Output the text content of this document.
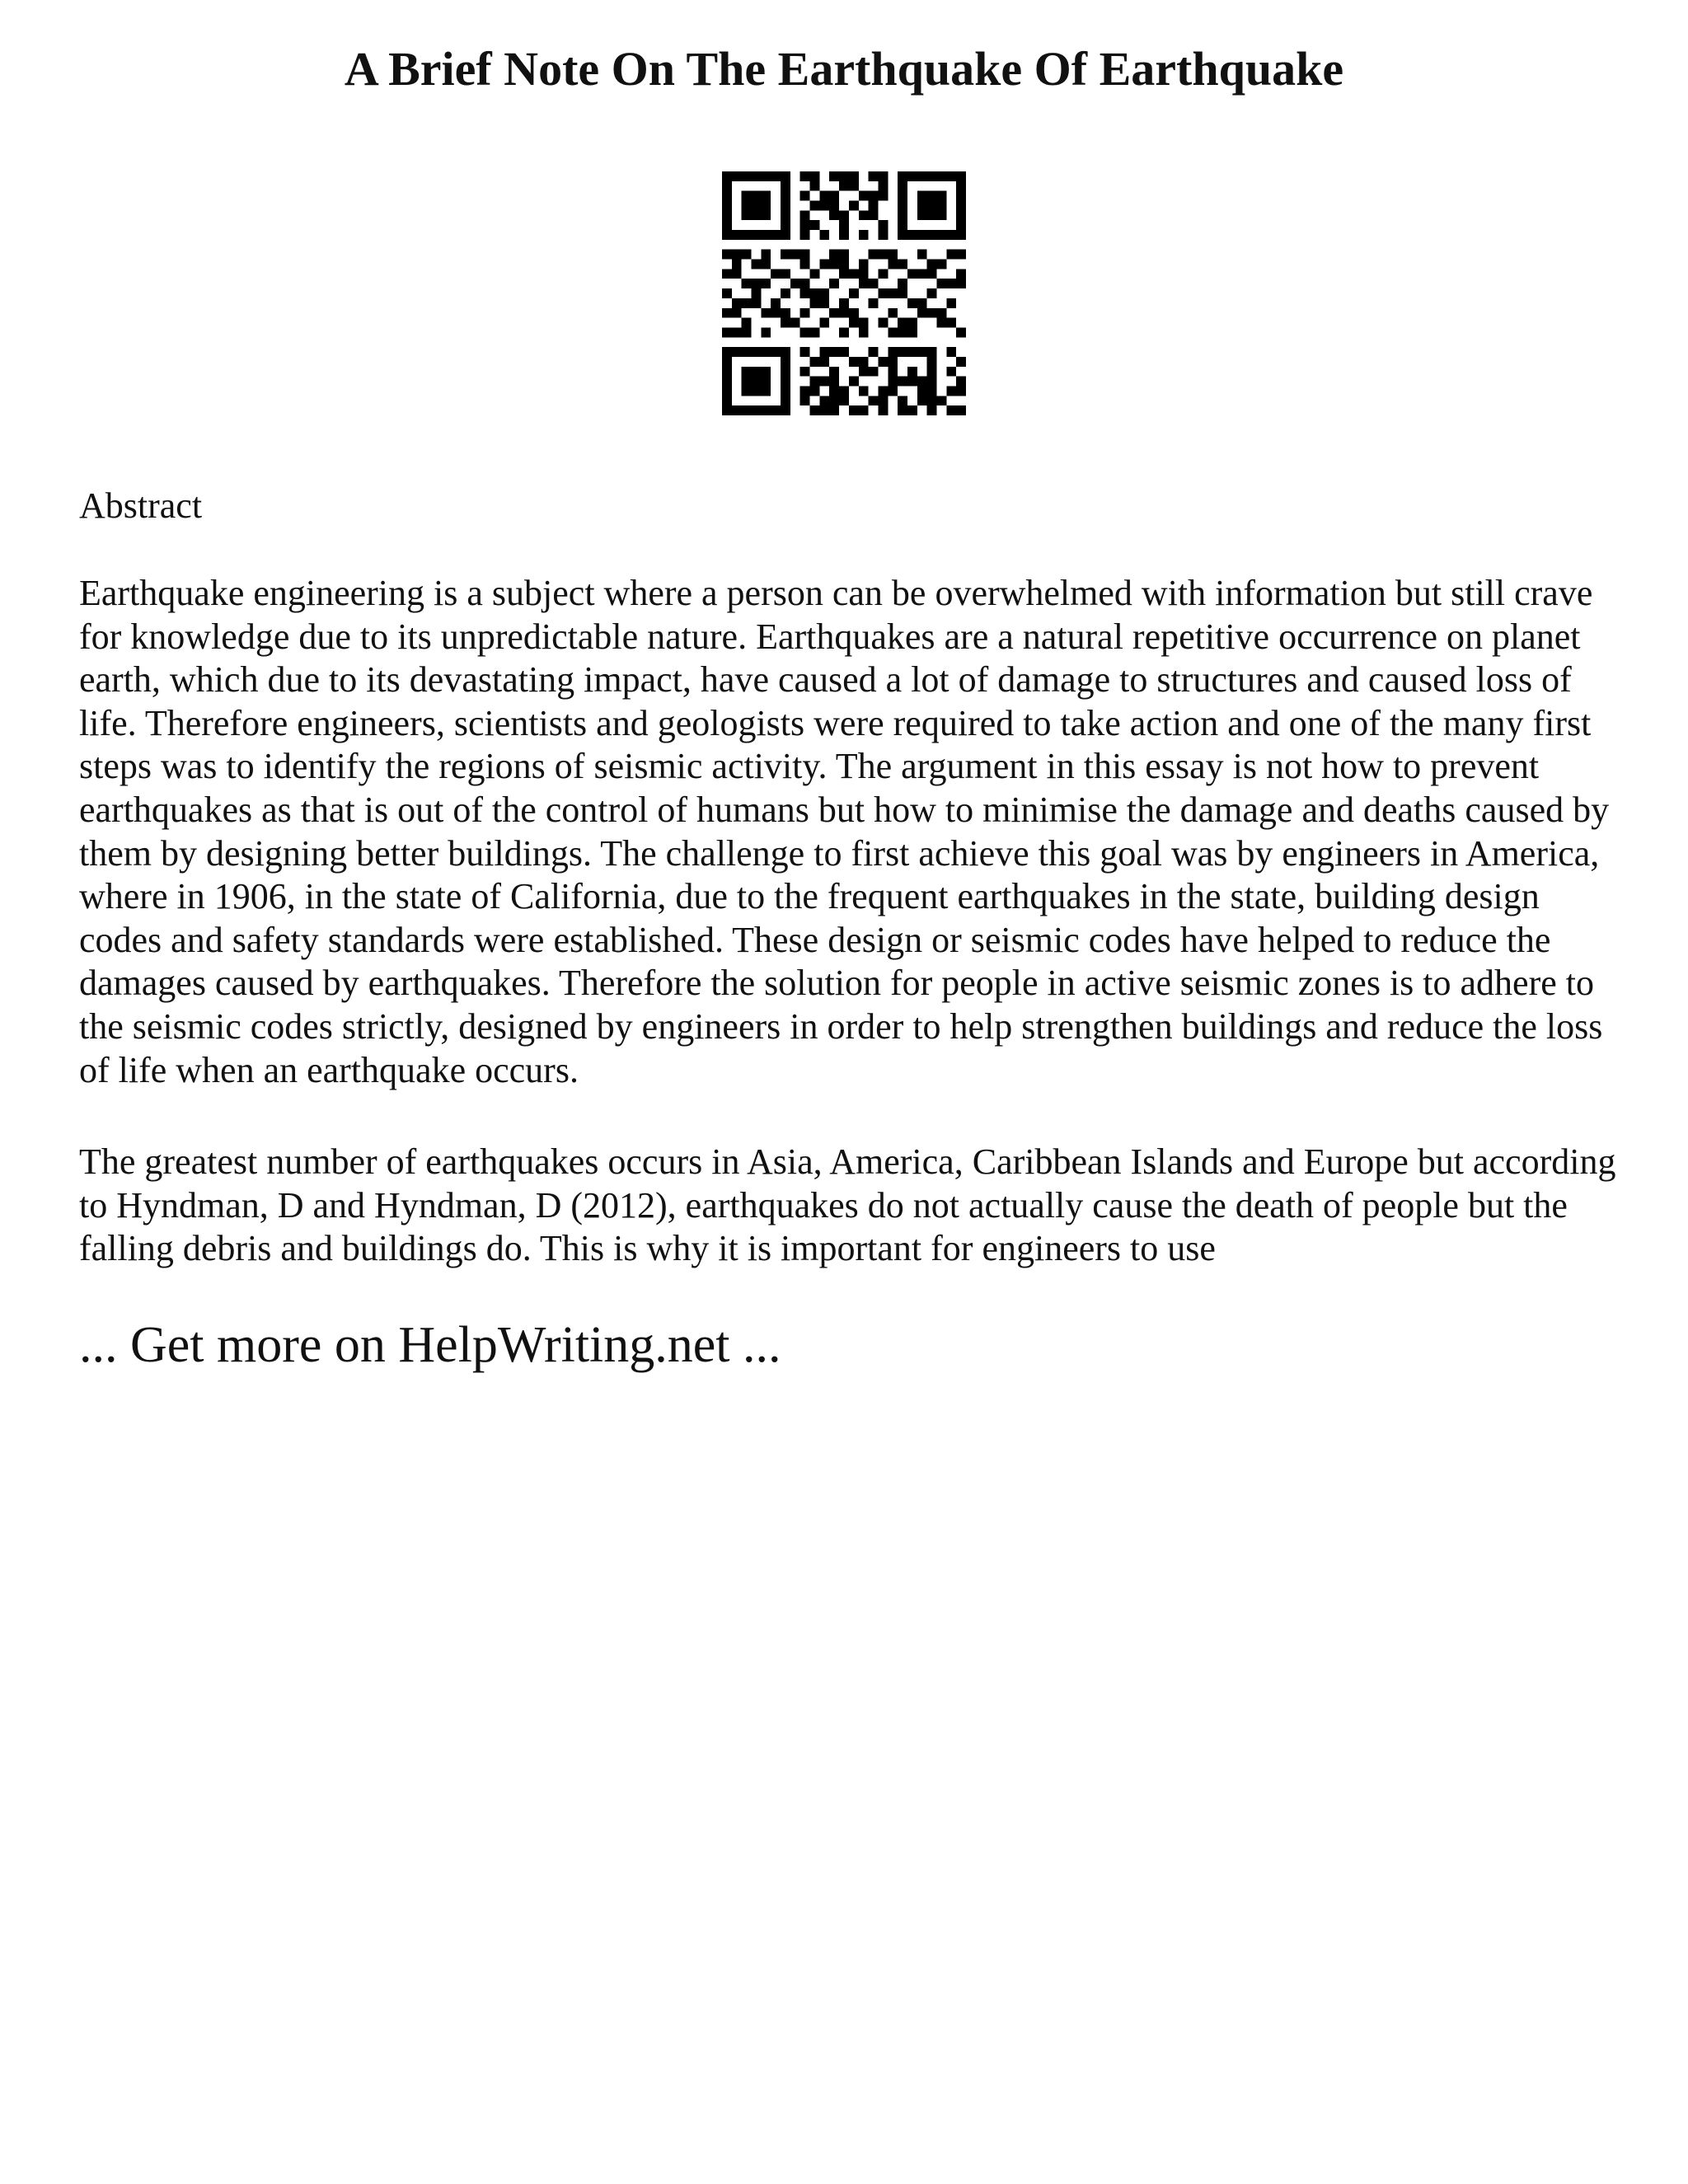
A Brief Note On The Earthquake Of Earthquake

Abstract

Earthquake engineering is a subject where a person can be overwhelmed with information but still crave for knowledge due to its unpredictable nature. Earthquakes are a natural repetitive occurrence on planet earth, which due to its devastating impact, have caused a lot of damage to structures and caused loss of life. Therefore engineers, scientists and geologists were required to take action and one of the many first steps was to identify the regions of seismic activity. The argument in this essay is not how to prevent earthquakes as that is out of the control of humans but how to minimise the damage and deaths caused by them by designing better buildings. The challenge to first achieve this goal was by engineers in America, where in 1906, in the state of California, due to the frequent earthquakes in the state, building design codes and safety standards were established. These design or seismic codes have helped to reduce the damages caused by earthquakes. Therefore the solution for people in active seismic zones is to adhere to the seismic codes strictly, designed by engineers in order to help strengthen buildings and reduce the loss of life when an earthquake occurs.

The greatest number of earthquakes occurs in Asia, America, Caribbean Islands and Europe but according to Hyndman, D and Hyndman, D (2012), earthquakes do not actually cause the death of people but the falling debris and buildings do. This is why it is important for engineers to use

... Get more on HelpWriting.net ...
